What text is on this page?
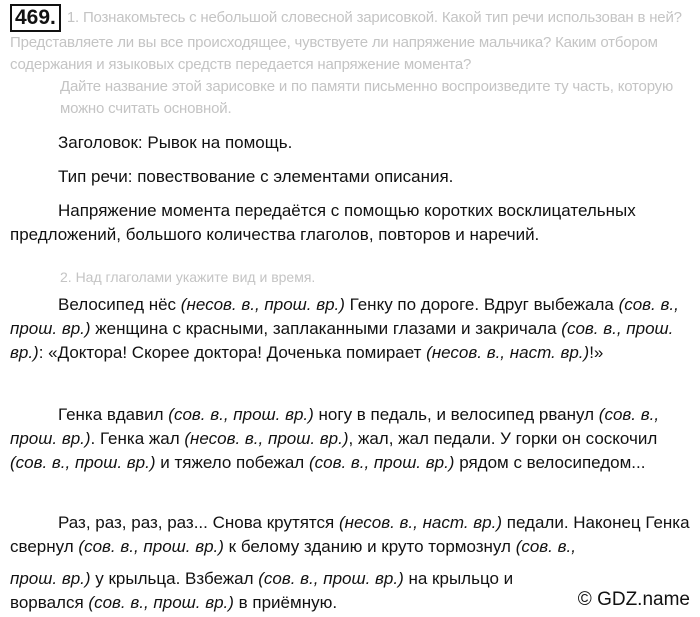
469. 1. Познакомьтесь с небольшой словесной зарисовкой. Какой тип речи использован в ней? Представляете ли вы все происходящее, чувствуете ли напряжение мальчика? Каким отбором содержания и языковых средств передается напряжение момента?
Дайте название этой зарисовке и по памяти письменно воспроизведите ту часть, которую можно считать основной.

Заголовок: Рывок на помощь.

Тип речи: повествование с элементами описания.

Напряжение момента передаётся с помощью коротких восклицательных предложений, большого количества глаголов, повторов и наречий.

2. Над глаголами укажите вид и время.

Велосипед нёс (несов. в., прош. вр.) Генку по дороге. Вдруг выбежала (сов. в., прош. вр.) женщина с красными, заплаканными глазами и закричала (сов. в., прош. вр.): «Доктора! Скорее доктора! Доченька помирает (несов. в., наст. вр.)!»

Генка вдавил (сов. в., прош. вр.) ногу в педаль, и велосипед рванул (сов. в., прош. вр.). Генка жал (несов. в., прош. вр.), жал, жал педали. У горки он соскочил (сов. в., прош. вр.) и тяжело побежал (сов. в., прош. вр.) рядом с велосипедом...

Раз, раз, раз, раз... Снова крутятся (несов. в., наст. вр.) педали. Наконец Генка свернул (сов. в., прош. вр.) к белому зданию и круто тормознул (сов. в.,

прош. вр.) у крыльца. Взбежал (сов. в., прош. вр.) на крыльцо и ворвался (сов. в., прош. вр.) в приёмную.	© GDZ.name
